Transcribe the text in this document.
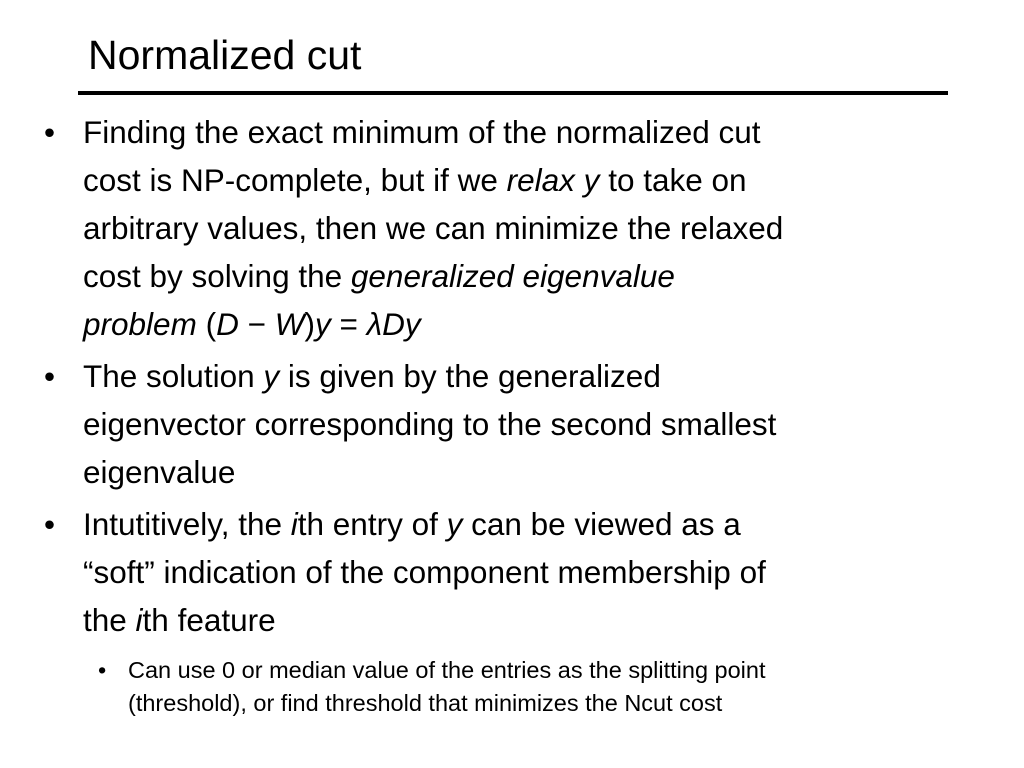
Normalized cut
• Finding the exact minimum of the normalized cut
cost is NP-complete, but if we relax y to take on
arbitrary values, then we can minimize the relaxed
cost by solving the generalized eigenvalue
problem (D − W)y = λDy
• The solution y is given by the generalized
eigenvector corresponding to the second smallest
eigenvalue
• Intutitively, the ith entry of y can be viewed as a
“soft” indication of the component membership of
the ith feature
• Can use 0 or median value of the entries as the splitting point
(threshold), or find threshold that minimizes the Ncut cost
